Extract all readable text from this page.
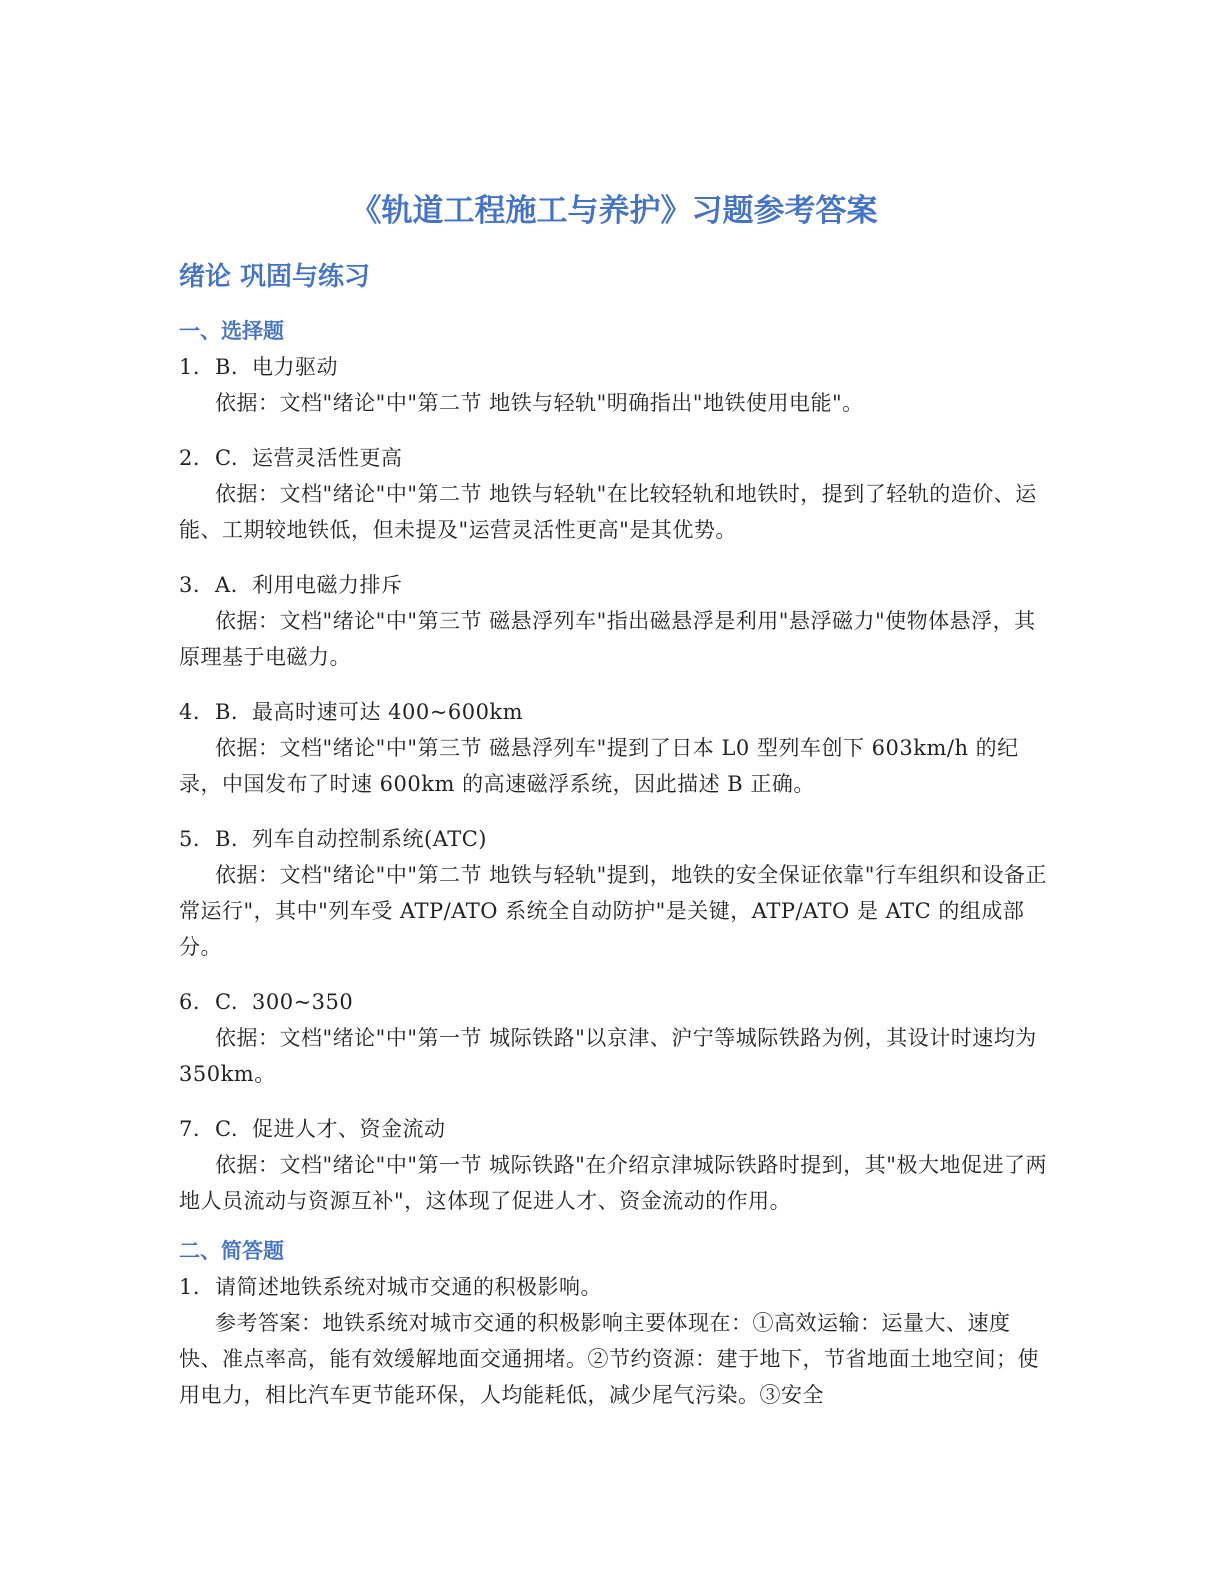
《轨道工程施工与养护》习题参考答案
绪论 巩固与练习
一、选择题

1. B. 电力驱动

依据：文档"绪论"中"第二节 地铁与轻轨"明确指出"地铁使用电能"。

2. C. 运营灵活性更高

依据：文档"绪论"中"第二节 地铁与轻轨"在比较轻轨和地铁时，提到了轻轨的造价、运能、工期较地铁低，但未提及"运营灵活性更高"是其优势。

3. A. 利用电磁力排斥

依据：文档"绪论"中"第三节 磁悬浮列车"指出磁悬浮是利用"悬浮磁力"使物体悬浮，其原理基于电磁力。

4. B. 最高时速可达 400~600km

依据：文档"绪论"中"第三节 磁悬浮列车"提到了日本 L0 型列车创下 603km/h 的纪录，中国发布了时速 600km 的高速磁浮系统，因此描述 B 正确。

5. B. 列车自动控制系统(ATC)

依据：文档"绪论"中"第二节 地铁与轻轨"提到，地铁的安全保证依靠"行车组织和设备正常运行"，其中"列车受 ATP/ATO 系统全自动防护"是关键，ATP/ATO 是 ATC 的组成部分。

6. C. 300~350

依据：文档"绪论"中"第一节 城际铁路"以京津、沪宁等城际铁路为例，其设计时速均为 350km。

7. C. 促进人才、资金流动

依据：文档"绪论"中"第一节 城际铁路"在介绍京津城际铁路时提到，其"极大地促进了两地人员流动与资源互补"，这体现了促进人才、资金流动的作用。

二、简答题

1. 请简述地铁系统对城市交通的积极影响。

参考答案：地铁系统对城市交通的积极影响主要体现在：①高效运输：运量大、速度快、准点率高，能有效缓解地面交通拥堵。②节约资源：建于地下，节省地面土地空间；使用电力，相比汽车更节能环保，人均能耗低，减少尾气污染。③安全
